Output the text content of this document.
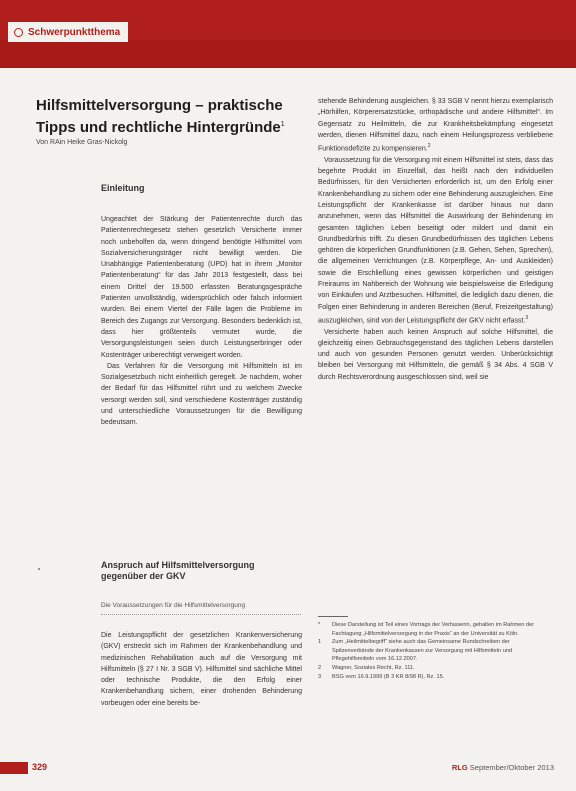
Schwerpunktthema
Hilfsmittelversorgung – praktische Tipps und rechtliche Hintergründe$^1$
Von RAin Heike Gras-Nickolg
Einleitung

Ungeachtet der Stärkung der Patientenrechte durch das Patientenrechtegesetz stehen gesetzlich Versicherte immer noch unbeholfen da, wenn dringend benötigte Hilfsmittel vom Sozialversicherungsträger nicht bewilligt werden. Die Unabhängige Patientenberatung (UPD) hat in ihrem „Monitor Patientenberatung“ für das Jahr 2013 festgestellt, dass bei einem Drittel der 19.500 erfassten Beratungsgespräche Patienten unvollständig, widersprüchlich oder falsch informiert wurden. Bei einem Viertel der Fälle lagen die Probleme im Bereich des Zugangs zur Versorgung. Besonders bedenklich ist, dass hier größtenteils vermutet wurde, die Versorgungsleistungen seien durch Leistungserbringer oder Kostenträger unberechtigt verweigert worden.

Das Verfahren für die Versorgung mit Hilfsmitteln ist im Sozialgesetzbuch nicht einheitlich geregelt. Je nachdem, woher der Bedarf für das Hilfsmittel rührt und zu welchem Zwecke versorgt werden soll, sind verschiedene Kostenträger zuständig und unterschiedliche Voraussetzungen für die Bewilligung bedeutsam.

Anspruch auf Hilfsmittelversorgung gegenüber der GKV
Die Voraussetzungen für die Hilfsmittelversorgung

Die Leistungspflicht der gesetzlichen Krankenversicherung (GKV) erstreckt sich im Rahmen der Krankenbehandlung und medizinischen Rehabilitation auch auf die Versorgung mit Hilfsmitteln (§ 27 I Nr. 3 SGB V). Hilfsmittel sind sächliche Mittel oder technische Produkte, die den Erfolg einer Krankenbehandlung sichern, einer drohenden Behinderung vorbeugen oder eine bereits be-

stehende Behinderung ausgleichen. § 33 SGB V nennt hierzu exemplarisch „Hörhilfen, Körperersatzstücke, orthopädische und andere Hilfsmittel“. Im Gegensatz zu Heilmitteln, die zur Krankheitsbekämpfung eingesetzt werden, dienen Hilfsmittel dazu, nach einem Heilungsprozess verbliebene Funktionsdefizite zu kompensieren.$^2$

Voraussetzung für die Versorgung mit einem Hilfsmittel ist stets, dass das begehrte Produkt im Einzelfall, das heißt nach den individuellen Bedürfnissen, für den Versicherten erforderlich ist, um den Erfolg einer Krankenbehandlung zu sichern oder eine Behinderung auszugleichen. Eine Leistungspflicht der Krankenkasse ist darüber hinaus nur dann anzunehmen, wenn das Hilfsmittel die Auswirkung der Behinderung im gesamten täglichen Leben beseitigt oder mildert und damit ein Grundbedürfnis trifft. Zu diesen Grundbedürfnissen des täglichen Lebens gehören die körperlichen Grundfunktionen (z.B. Gehen, Sehen, Sprechen), die allgemeinen Verrichtungen (z.B. Körperpflege, An- und Auskleiden) sowie die Erschließung eines gewissen körperlichen und geistigen Freiraums im Nahbereich der Wohnung wie beispielsweise die Erledigung von Einkäufen und Arztbesuchen. Hilfsmittel, die lediglich dazu dienen, die Folgen einer Behinderung in anderen Bereichen (Beruf, Freizeitgestaltung) auszugleichen, sind von der Leistungspflicht der GKV nicht erfasst.$^3$

Versicherte haben auch keinen Anspruch auf solche Hilfsmittel, die gleichzeitig einen Gebrauchsgegenstand des täglichen Lebens darstellen und auch von gesunden Personen genutzt werden. Unberücksichtigt bleiben bei Versorgung mit Hilfsmitteln, die gemäß § 34 Abs. 4 SGB V durch Rechtsverordnung ausgeschlossen sind, weil sie

*	Diese Darstellung ist Teil eines Vortrags der Verfasserin, gehalten im Rahmen der Fachtagung „Hilfsmittelversorgung in der Praxis“ an der Universität zu Köln.
1	Zum „Heilmittelbegriff“ siehe auch das Gemeinsame Rundschreiben der Spitzenverbände der Krankenkassen zur Versorgung mit Hilfsmitteln und Pflegehilfsmitteln vom 16.12.2007.
2	Wagner, Soziales Recht, Rz. 111.
3	BSG vom 16.9.1999 (B 3 KR 8/98 R), Rz. 15.
329	RLG September/Oktober 2013
